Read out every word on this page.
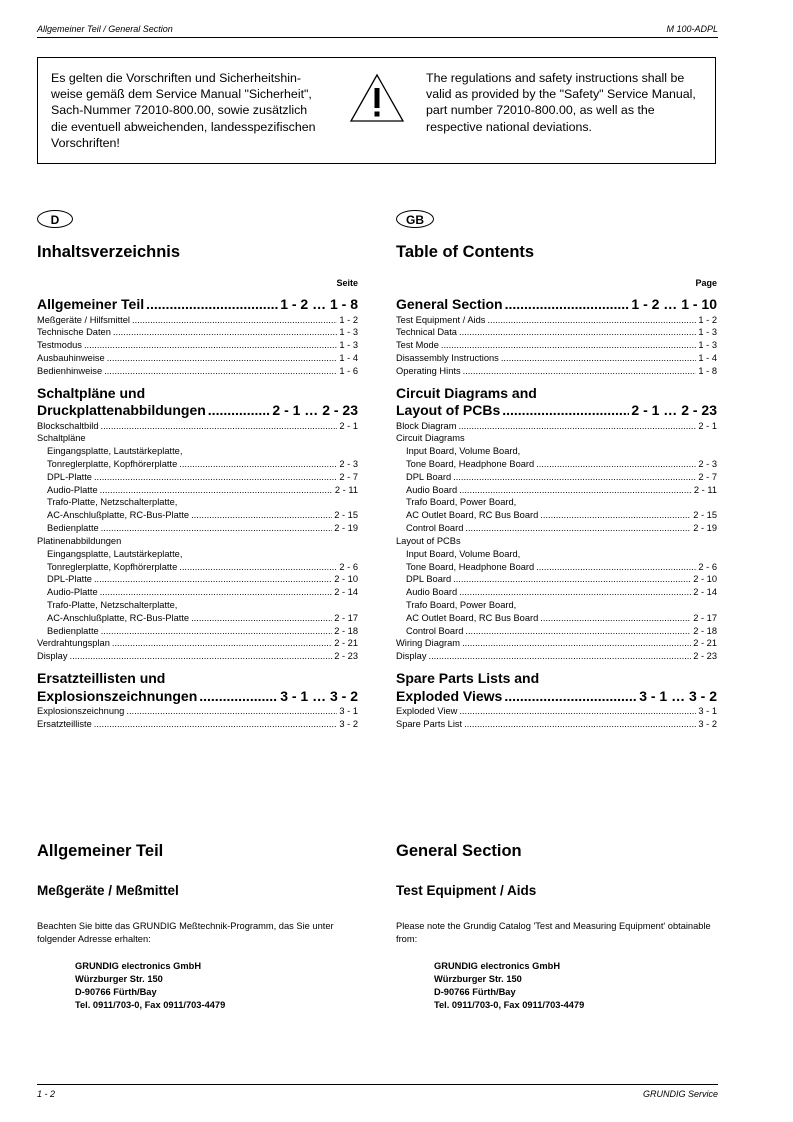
Allgemeiner Teil / General Section	M 100-ADPL
Es gelten die Vorschriften und Sicherheitshin-
weise gemäß dem Service Manual "Sicherheit",
Sach-Nummer 72010-800.00, sowie zusätzlich
die eventuell abweichenden, landesspezifischen
Vorschriften!
The regulations and safety instructions shall be
valid as provided by the "Safety" Service Manual,
part number 72010-800.00, as well as the
respective national deviations.
D	GB
Inhaltsverzeichnis	Table of Contents
Seite	Page
Allgemeiner Teil .....	1 - 2 … 1 - 8
Meßgeräte / Hilfsmittel .....	1 - 2
Technische Daten .....	1 - 3
Testmodus .....	1 - 3
Ausbauhinweise .....	1 - 4
Bedienhinweise .....	1 - 6
Schaltpläne und
Druckplattenabbildungen .....	2 - 1 … 2 - 23
Blockschaltbild .....	2 - 1
Schaltpläne
Eingangsplatte, Lautstärkeplatte,
Tonreglerplatte, Kopfhörerplatte .....	2 - 3
DPL-Platte .....	2 - 7
Audio-Platte .....	2 - 11
Trafo-Platte, Netzschalterplatte,
AC-Anschlußplatte, RC-Bus-Platte .....	2 - 15
Bedienplatte .....	2 - 19
Platinenabbildungen
Eingangsplatte, Lautstärkeplatte,
Tonreglerplatte, Kopfhörerplatte .....	2 - 6
DPL-Platte .....	2 - 10
Audio-Platte .....	2 - 14
Trafo-Platte, Netzschalterplatte,
AC-Anschlußplatte, RC-Bus-Platte .....	2 - 17
Bedienplatte .....	2 - 18
Verdrahtungsplan .....	2 - 21
Display .....	2 - 23
Ersatzteillisten und
Explosionszeichnungen .....	3 - 1 … 3 - 2
Explosionszeichnung .....	3 - 1
Ersatzteilliste .....	3 - 2
General Section .....	1 - 2 … 1 - 10
Test Equipment / Aids .....	1 - 2
Technical Data .....	1 - 3
Test Mode .....	1 - 3
Disassembly Instructions .....	1 - 4
Operating Hints .....	1 - 8
Circuit Diagrams and
Layout of PCBs .....	2 - 1 … 2 - 23
Block Diagram .....	2 - 1
Circuit Diagrams
Input Board, Volume Board,
Tone Board, Headphone Board .....	2 - 3
DPL Board .....	2 - 7
Audio Board .....	2 - 11
Trafo Board, Power Board,
AC Outlet Board, RC Bus Board .....	2 - 15
Control Board .....	2 - 19
Layout of PCBs
Input Board, Volume Board,
Tone Board, Headphone Board .....	2 - 6
DPL Board .....	2 - 10
Audio Board .....	2 - 14
Trafo Board, Power Board,
AC Outlet Board, RC Bus Board .....	2 - 17
Control Board .....	2 - 18
Wiring Diagram .....	2 - 21
Display .....	2 - 23
Spare Parts Lists and
Exploded Views .....	3 - 1 … 3 - 2
Exploded View .....	3 - 1
Spare Parts List .....	3 - 2
Allgemeiner Teil	General Section
Meßgeräte / Meßmittel	Test Equipment / Aids
Beachten Sie bitte das GRUNDIG Meßtechnik-Programm, das Sie unter folgender Adresse erhalten:
Please note the Grundig Catalog 'Test and Measuring Equipment' obtainable from:
GRUNDIG electronics GmbH
Würzburger Str. 150
D-90766 Fürth/Bay
Tel. 0911/703-0, Fax 0911/703-4479
GRUNDIG electronics GmbH
Würzburger Str. 150
D-90766 Fürth/Bay
Tel. 0911/703-0, Fax 0911/703-4479
1 - 2	GRUNDIG Service
